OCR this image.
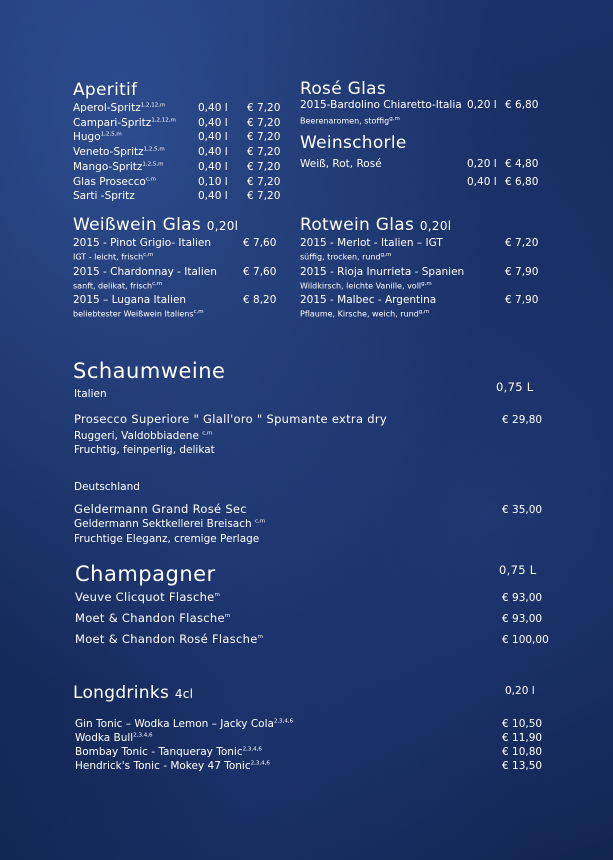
Aperitif
Aperol-Spritz$^{1,2,12,m}$	0,40 l € 7,20
Campari-Spritz$^{1,2,12,m}$ 0,40 l € 7,20
Hugo$^{1,2,5,m}$	0,40 l € 7,20
Veneto-Spritz$^{1,2,5,m}$	0,40 l € 7,20
Mango-Spritz$^{1,2,5,m}$	0,40 l € 7,20
Glas Prosecco$^{c,m}$	0,10 l € 7,20
Sarti -Spritz	0,40 l € 7,20
Rosé Glas
2015-Bardolino Chiaretto-Italia 0,20 l € 6,80
Beerenaromen, stoffig$^{g,m}$
Weinschorle
Weiß, Rot, Rosé	0,20 l € 4,80
0,40 l € 6,80
Weißwein Glas 0,20l
2015 - Pinot Grigio- Italien	€ 7,60
IGT - leicht, frisch$^{c,m}$
2015 - Chardonnay - Italien € 7,60
sanft, delikat, frisch$^{c,m}$
2015 – Lugana Italien	€ 8,20
beliebtester Weißwein Italiens$^{c,m}$
Rotwein Glas 0,20l
2015 - Merlot - Italien – IGT	€ 7,20
süffig, trocken, rund$^{g,m}$
2015 - Rioja Inurrieta - Spanien	€ 7,90
Wildkirsch, leichte Vanille, voll$^{g,m}$
2015 - Malbec - Argentina	€ 7,90
Pflaume, Kirsche, weich, rund$^{g,m}$
Schaumweine
0,75 L
Italien
Prosecco Superiore " Glall'oro " Spumante extra dry	€ 29,80
Ruggeri, Valdobbiadene $^{c,m}$
Fruchtig, feinperlig, delikat
Deutschland
Geldermann Grand Rosé Sec	€ 35,00
Geldermann Sektkellerei Breisach $^{c,m}$
Fruchtige Eleganz, cremige Perlage
Champagner	0,75 L
Veuve Clicquot Flasche$^m$	€ 93,00
Moet & Chandon Flasche$^m$	€ 93,00
Moet & Chandon Rosé Flasche$^m$	€ 100,00
Longdrinks 4cl	0,20 l
Gin Tonic – Wodka Lemon – Jacky Cola$^{2,3,4,6}$	€ 10,50
Wodka Bull$^{2,3,4,6}$	€ 11,90
Bombay Tonic - Tanqueray Tonic$^{2,3,4,6}$	€ 10,80
Hendrick's Tonic - Mokey 47 Tonic$^{2,3,4,6}$	€ 13,50
